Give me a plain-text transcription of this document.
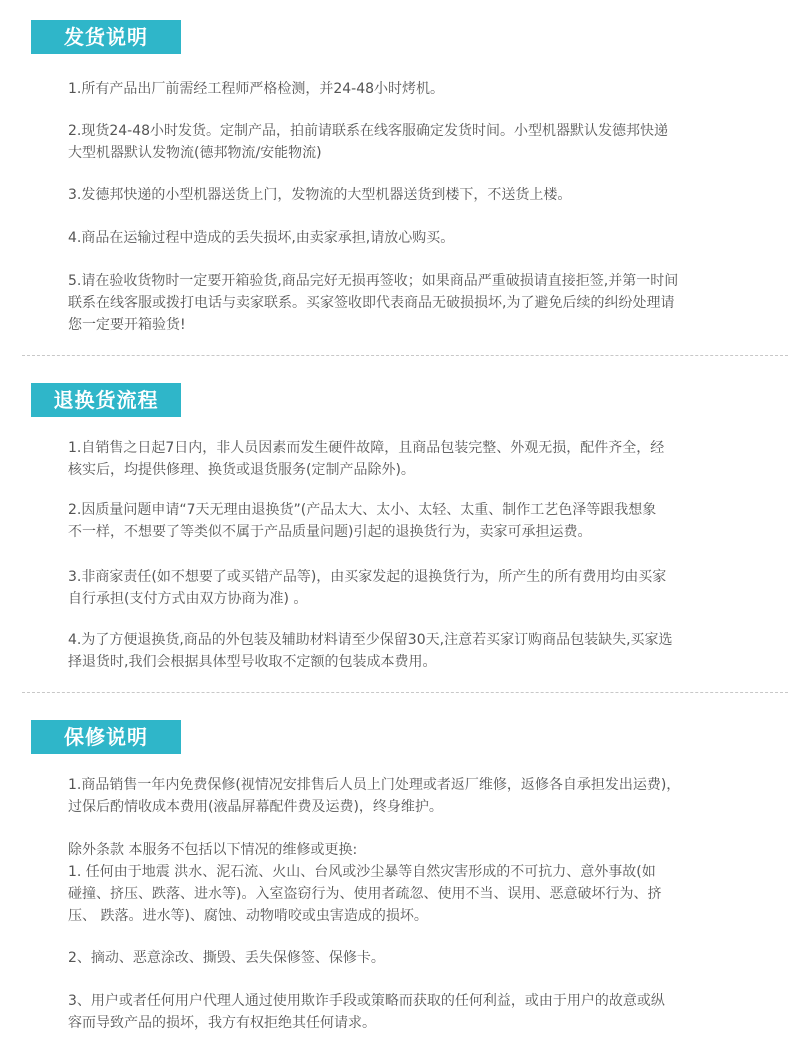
发货说明

1.所有产品出厂前需经工程师严格检测，并24-48小时烤机。

2.现货24-48小时发货。定制产品，拍前请联系在线客服确定发货时间。小型机器默认发德邦快递
大型机器默认发物流(德邦物流/安能物流)

3.发德邦快递的小型机器送货上门，发物流的大型机器送货到楼下，不送货上楼。

4.商品在运输过程中造成的丢失损坏,由卖家承担,请放心购买。

5.请在验收货物时一定要开箱验货,商品完好无损再签收；如果商品严重破损请直接拒签,并第一时间
联系在线客服或拨打电话与卖家联系。买家签收即代表商品无破损损坏,为了避免后续的纠纷处理请
您一定要开箱验货!

退换货流程

1.自销售之日起7日内，非人员因素而发生硬件故障，且商品包装完整、外观无损，配件齐全，经
核实后，均提供修理、换货或退货服务(定制产品除外)。

2.因质量问题申请“7天无理由退换货”(产品太大、太小、太轻、太重、制作工艺色泽等跟我想象
不一样，不想要了等类似不属于产品质量问题)引起的退换货行为，卖家可承担运费。

3.非商家责任(如不想要了或买错产品等)，由买家发起的退换货行为，所产生的所有费用均由买家
自行承担(支付方式由双方协商为准) 。

4.为了方便退换货,商品的外包装及辅助材料请至少保留30天,注意若买家订购商品包装缺失,买家选
择退货时,我们会根据具体型号收取不定额的包装成本费用。

保修说明

1.商品销售一年内免费保修(视情况安排售后人员上门处理或者返厂维修，返修各自承担发出运费)，
过保后酌情收成本费用(液晶屏幕配件费及运费)，终身维护。

除外条款 本服务不包括以下情况的维修或更换:
1. 任何由于地震 洪水、泥石流、火山、台风或沙尘暴等自然灾害形成的不可抗力、意外事故(如
碰撞、挤压、跌落、进水等)。入室盗窃行为、使用者疏忽、使用不当、误用、恶意破坏行为、挤
压、 跌落。进水等)、腐蚀、动物啃咬或虫害造成的损坏。

2、摘动、恶意涂改、撕毁、丢失保修签、保修卡。

3、用户或者任何用户代理人通过使用欺诈手段或策略而获取的任何利益，或由于用户的故意或纵
容而导致产品的损坏，我方有权拒绝其任何请求。
